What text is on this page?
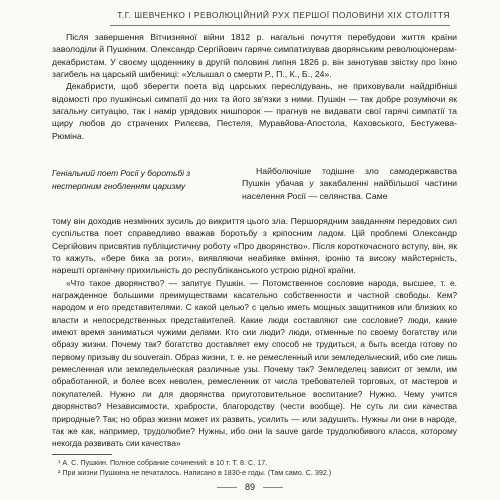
Т.Г. ШЕВЧЕНКО І РЕВОЛЮЦІЙНИЙ РУХ ПЕРШОЇ ПОЛОВИНИ ХІХ СТОЛІТТЯ

Після завершення Вітчизняної війни 1812 р. нагальні почуття перебудови життя країни заволоділи й Пушкіним. Олександр Сергійович гаряче симпатизував дворянським революціонерам-декабристам. У своєму щоденнику в другій половині липня 1826 р. він занотував звістку про їхню загибель на царській шибениці: «Услышал о смерти Р., П., К., Б., 24».

Декабристи, щоб зберегти поета від царських переслідувань, не приховували найдрібніші відомості про пушкінські симпатії до них та його зв'язки з ними. Пушкін — так добре розуміючи як загальну ситуацію, так і намір урядових нишпорок — прагнув не видавати свої гарячі симпатії та щиру любов до страчених Рилєєва, Пестеля, Муравйова-Апостола, Каховського, Бестужева-Рюміна.

Геніальний поет Росії у боротьбі з нестерпним гнобленням царизму

Найболючіше тодішне зло самодержавства Пушкін убачав у закабаленні найбільшої частини населення Росії — селянства. Саме

тому він доходив незмінних зусиль до викриття цього зла. Першорядним завданням передових сил суспільства поет справедливо вважав боротьбу з кріпосним ладом. Цій проблемі Олександр Сергійович присвятив публіцистичну роботу «Про дворянство». Після короткочасного вступу, він, як то кажуть, «бере бика за роги», виявляючи неабияке вміння, іронію та високу майстерність, нарешті органічну прихильність до республіканського устрою рідної країни.

«Что такое дворянство? — запитує Пушкін. — Потомственное сословие народа, высшее, т. е. награжденное большими преимуществами касательно собственности и частной свободы. Кем? народом и его представителями. С какой целью? с целью иметь мощных защитников или близких ко власти и непосредственных представителей. Какие люди составляют сие сословие? люди, какие имеют время заниматься чужими делами. Кто сии люди? люди, отменные по своему богатству или образу жизни. Почему так? богатство доставляет ему способ не трудиться, а быть всегда готову по первому призыву du souverain. Образ жизни, т. е. не ремесленный или земледельческий, ибо сие лишь ремесленная или земледельческая различные узы. Почему так? Земледелец зависит от земли, им обработанной, и более всех неволен, ремесленник от числа требователей торговых, от мастеров и покупателей. Нужно ли для дворянства приуготовительное воспитание? Нужно. Чему учится дворянство? Независимости, храбрости, благородству (чести вообще). Не суть ли сии качества природные? Так; но образ жизни может их развить, усилить — или задушить. Нужны ли они в народе, так же как, например, трудолюбие? Нужны, ибо они la sauve garde трудолюбивого класса, которому некогда развивать сии качества»

¹ А. С. Пушкин. Полное собрание сочинений: в 10 т. Т. 8. С. 17.
² При жизни Пушкина не печаталось. Написано в 1830-е годы. (Там само. С. 392.)
89
